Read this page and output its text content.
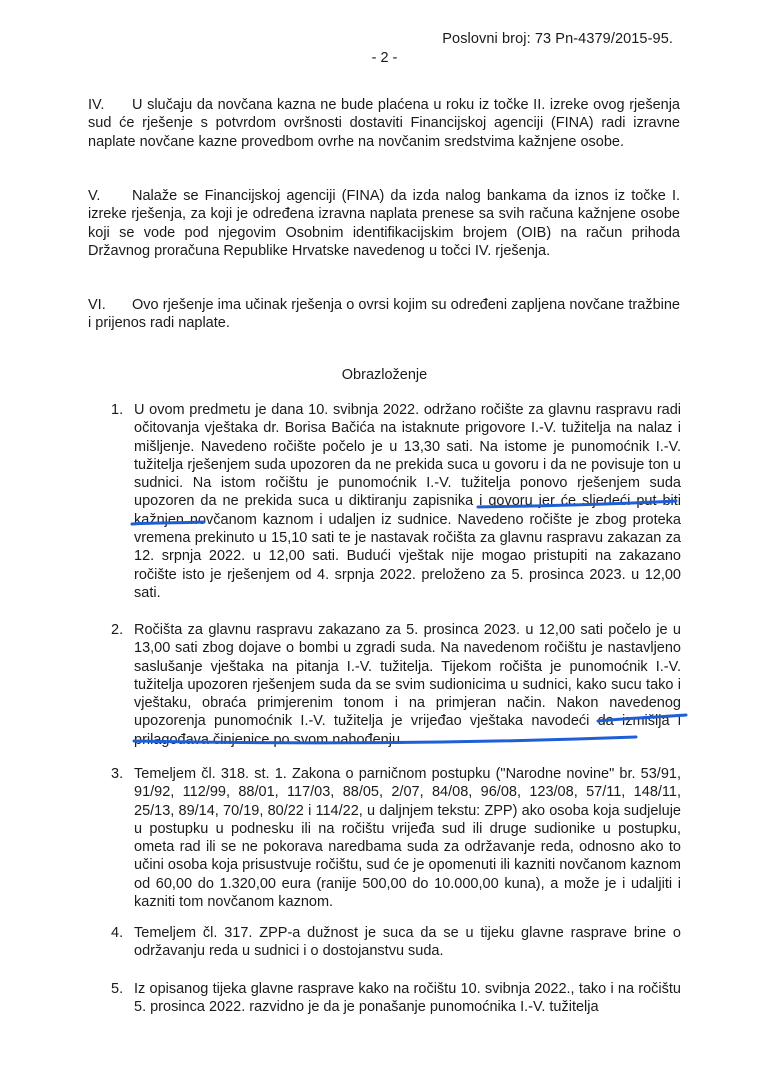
Poslovni broj: 73 Pn-4379/2015-95.
- 2 -
IV. U slučaju da novčana kazna ne bude plaćena u roku iz točke II. izreke ovog rješenja sud će rješenje s potvrdom ovršnosti dostaviti Financijskoj agenciji (FINA) radi izravne naplate novčane kazne provedbom ovrhe na novčanim sredstvima kažnjene osobe.
V. Nalaže se Financijskoj agenciji (FINA) da izda nalog bankama da iznos iz točke I. izreke rješenja, za koji je određena izravna naplata prenese sa svih računa kažnjene osobe koji se vode pod njegovim Osobnim identifikacijskim brojem (OIB) na račun prihoda Državnog proračuna Republike Hrvatske navedenog u točci IV. rješenja.
VI. Ovo rješenje ima učinak rješenja o ovrsi kojim su određeni zapljena novčane tražbine i prijenos radi naplate.
Obrazloženje
1. U ovom predmetu je dana 10. svibnja 2022. održano ročište za glavnu raspravu radi očitovanja vještaka dr. Borisa Bačića na istaknute prigovore I.-V. tužitelja na nalaz i mišljenje. Navedeno ročište počelo je u 13,30 sati. Na istome je punomoćnik I.-V. tužitelja rješenjem suda upozoren da ne prekida suca u govoru i da ne povisuje ton u sudnici. Na istom ročištu je punomoćnik I.-V. tužitelja ponovo rješenjem suda upozoren da ne prekida suca u diktiranju zapisnika i govoru jer će sljedeći put biti kažnjen novčanom kaznom i udaljen iz sudnice. Navedeno ročište je zbog proteka vremena prekinuto u 15,10 sati te je nastavak ročišta za glavnu raspravu zakazan za 12. srpnja 2022. u 12,00 sati. Budući vještak nije mogao pristupiti na zakazano ročište isto je rješenjem od 4. srpnja 2022. preloženo za 5. prosinca 2023. u 12,00 sati.
2. Ročišta za glavnu raspravu zakazano za 5. prosinca 2023. u 12,00 sati počelo je u 13,00 sati zbog dojave o bombi u zgradi suda. Na navedenom ročištu je nastavljeno saslušanje vještaka na pitanja I.-V. tužitelja. Tijekom ročišta je punomoćnik I.-V. tužitelja upozoren rješenjem suda da se svim sudionicima u sudnici, kako sucu tako i vještaku, obraća primjerenim tonom i na primjeran način. Nakon navedenog upozorenja punomoćnik I.-V. tužitelja je vrijeđao vještaka navodeći da izmišlja i prilagođava činjenice po svom nahođenju.
3. Temeljem čl. 318. st. 1. Zakona o parničnom postupku ("Narodne novine" br. 53/91, 91/92, 112/99, 88/01, 117/03, 88/05, 2/07, 84/08, 96/08, 123/08, 57/11, 148/11, 25/13, 89/14, 70/19, 80/22 i 114/22, u daljnjem tekstu: ZPP) ako osoba koja sudjeluje u postupku u podnesku ili na ročištu vrijeđa sud ili druge sudionike u postupku, ometa rad ili se ne pokorava naredbama suda za održavanje reda, odnosno ako to učini osoba koja prisustvuje ročištu, sud će je opomenuti ili kazniti novčanom kaznom od 60,00 do 1.320,00 eura (ranije 500,00 do 10.000,00 kuna), a može je i udaljiti i kazniti tom novčanom kaznom.
4. Temeljem čl. 317. ZPP-a dužnost je suca da se u tijeku glavne rasprave brine o održavanju reda u sudnici i o dostojanstvu suda.
5. Iz opisanog tijeka glavne rasprave kako na ročištu 10. svibnja 2022., tako i na ročištu 5. prosinca 2022. razvidno je da je ponašanje punomoćnika I.-V. tužitelja
